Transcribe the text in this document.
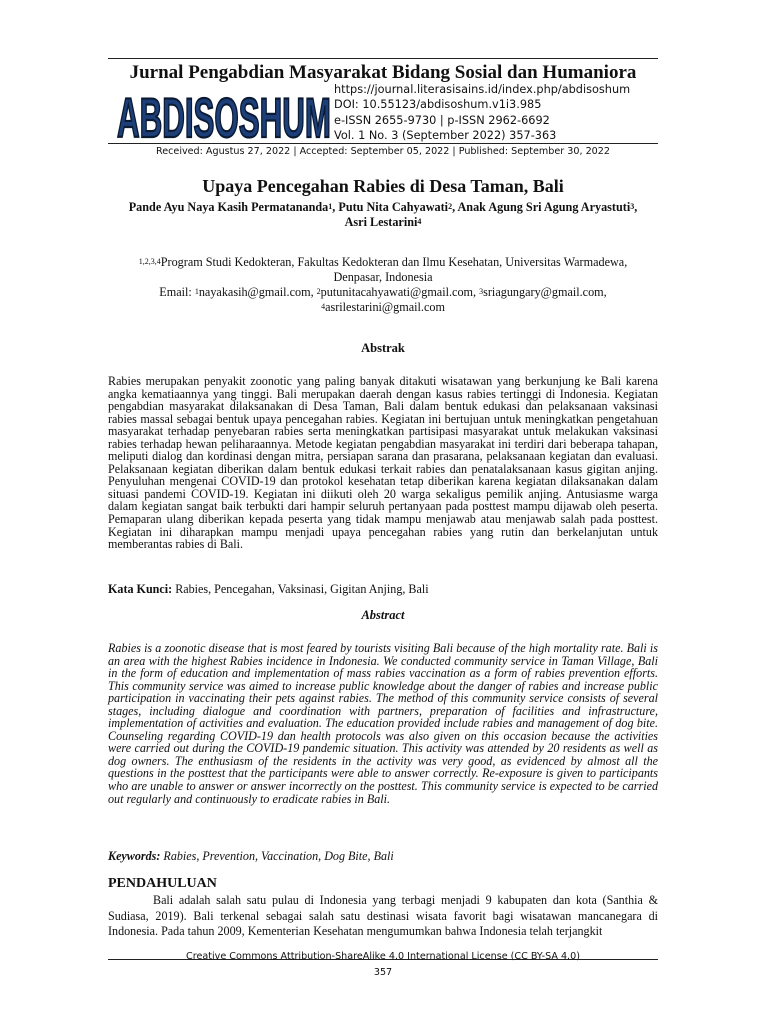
Jurnal Pengabdian Masyarakat Bidang Sosial dan Humaniora
ABDISOSHUM https://journal.literasisains.id/index.php/abdisoshum
DOI: 10.55123/abdisoshum.v1i3.985
e-ISSN 2655-9730 | p-ISSN 2962-6692
Vol. 1 No. 3 (September 2022) 357-363
Received: Agustus 27, 2022 | Accepted: September 05, 2022 | Published: September 30, 2022
Upaya Pencegahan Rabies di Desa Taman, Bali
Pande Ayu Naya Kasih Permatananda$^1$, Putu Nita Cahyawati$^2$, Anak Agung Sri Agung Aryastuti$^3$,
Asri Lestarini$^4$
$^{1,2,3,4}$Program Studi Kedokteran, Fakultas Kedokteran dan Ilmu Kesehatan, Universitas Warmadewa,
Denpasar, Indonesia
Email: $^1$nayakasih@gmail.com, $^2$putunitacahyawati@gmail.com, $^3$sriagungary@gmail.com,
$^4$asrilestarini@gmail.com
Abstrak
Rabies merupakan penyakit zoonotic yang paling banyak ditakuti wisatawan yang berkunjung ke Bali karena angka kematiaannya yang tinggi. Bali merupakan daerah dengan kasus rabies tertinggi di Indonesia. Kegiatan pengabdian masyarakat dilaksanakan di Desa Taman, Bali dalam bentuk edukasi dan pelaksanaan vaksinasi rabies massal sebagai bentuk upaya pencegahan rabies. Kegiatan ini bertujuan untuk meningkatkan pengetahuan masyarakat terhadap penyebaran rabies serta meningkatkan partisipasi masyarakat untuk melakukan vaksinasi rabies terhadap hewan peliharaannya. Metode kegiatan pengabdian masyarakat ini terdiri dari beberapa tahapan, meliputi dialog dan kordinasi dengan mitra, persiapan sarana dan prasarana, pelaksanaan kegiatan dan evaluasi. Pelaksanaan kegiatan diberikan dalam bentuk edukasi terkait rabies dan penatalaksanaan kasus gigitan anjing. Penyuluhan mengenai COVID-19 dan protokol kesehatan tetap diberikan karena kegiatan dilaksanakan dalam situasi pandemi COVID-19. Kegiatan ini diikuti oleh 20 warga sekaligus pemilik anjing. Antusiasme warga dalam kegiatan sangat baik terbukti dari hampir seluruh pertanyaan pada posttest mampu dijawab oleh peserta. Pemaparan ulang diberikan kepada peserta yang tidak mampu menjawab atau menjawab salah pada posttest. Kegiatan ini diharapkan mampu menjadi upaya pencegahan rabies yang rutin dan berkelanjutan untuk memberantas rabies di Bali.
Kata Kunci: Rabies, Pencegahan, Vaksinasi, Gigitan Anjing, Bali
Abstract
Rabies is a zoonotic disease that is most feared by tourists visiting Bali because of the high mortality rate. Bali is an area with the highest Rabies incidence in Indonesia. We conducted community service in Taman Village, Bali in the form of education and implementation of mass rabies vaccination as a form of rabies prevention efforts. This community service was aimed to increase public knowledge about the danger of rabies and increase public participation in vaccinating their pets against rabies. The method of this community service consists of several stages, including dialogue and coordination with partners, preparation of facilities and infrastructure, implementation of activities and evaluation. The education provided include rabies and management of dog bite. Counseling regarding COVID-19 dan health protocols was also given on this occasion because the activities were carried out during the COVID-19 pandemic situation. This activity was attended by 20 residents as well as dog owners. The enthusiasm of the residents in the activity was very good, as evidenced by almost all the questions in the posttest that the participants were able to answer correctly. Re-exposure is given to participants who are unable to answer or answer incorrectly on the posttest. This community service is expected to be carried out regularly and continuously to eradicate rabies in Bali.
Keywords: Rabies, Prevention, Vaccination, Dog Bite, Bali
PENDAHULUAN
Bali adalah salah satu pulau di Indonesia yang terbagi menjadi 9 kabupaten dan kota (Santhia & Sudiasa, 2019). Bali terkenal sebagai salah satu destinasi wisata favorit bagi wisatawan mancanegara di Indonesia. Pada tahun 2009, Kementerian Kesehatan mengumumkan bahwa Indonesia telah terjangkit
Creative Commons Attribution-ShareAlike 4.0 International License (CC BY-SA 4.0)
357
